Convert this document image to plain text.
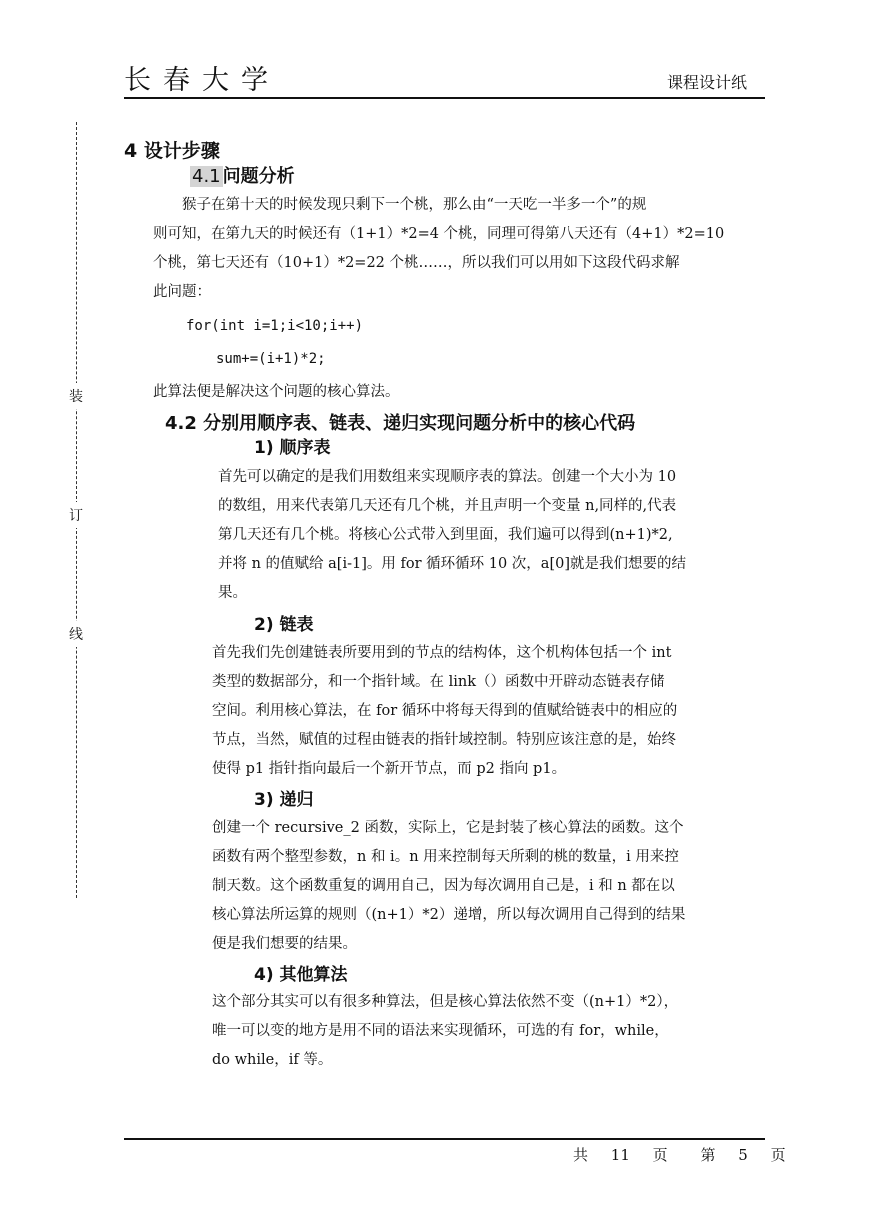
长春大学	课程设计纸
装
订
线
4 设计步骤
4.1 问题分析
　　猴子在第十天的时候发现只剩下一个桃，那么由“一天吃一半多一个”的规
则可知，在第九天的时候还有（1+1）*2=4 个桃，同理可得第八天还有（4+1）*2=10
个桃，第七天还有（10+1）*2=22 个桃……，所以我们可以用如下这段代码求解
此问题：
for(int i=1;i<10;i++)
sum+=(i+1)*2;
此算法便是解决这个问题的核心算法。
4.2 分别用顺序表、链表、递归实现问题分析中的核心代码
1) 顺序表
首先可以确定的是我们用数组来实现顺序表的算法。创建一个大小为 10
的数组，用来代表第几天还有几个桃，并且声明一个变量 n,同样的,代表
第几天还有几个桃。将核心公式带入到里面，我们遍可以得到(n+1)*2,
并将 n 的值赋给 a[i-1]。用 for 循环循环 10 次，a[0]就是我们想要的结
果。
2) 链表
首先我们先创建链表所要用到的节点的结构体，这个机构体包括一个 int
类型的数据部分，和一个指针域。在 link（）函数中开辟动态链表存储
空间。利用核心算法，在 for 循环中将每天得到的值赋给链表中的相应的
节点，当然，赋值的过程由链表的指针域控制。特别应该注意的是，始终
使得 p1 指针指向最后一个新开节点，而 p2 指向 p1。
3) 递归
创建一个 recursive_2 函数，实际上，它是封装了核心算法的函数。这个
函数有两个整型参数，n 和 i。n 用来控制每天所剩的桃的数量，i 用来控
制天数。这个函数重复的调用自己，因为每次调用自己是，i 和 n 都在以
核心算法所运算的规则（(n+1）*2）递增，所以每次调用自己得到的结果
便是我们想要的结果。
4) 其他算法
这个部分其实可以有很多种算法，但是核心算法依然不变（(n+1）*2），
唯一可以变的地方是用不同的语法来实现循环，可选的有 for，while，
do while，if 等。
共 11 页 第 5 页
